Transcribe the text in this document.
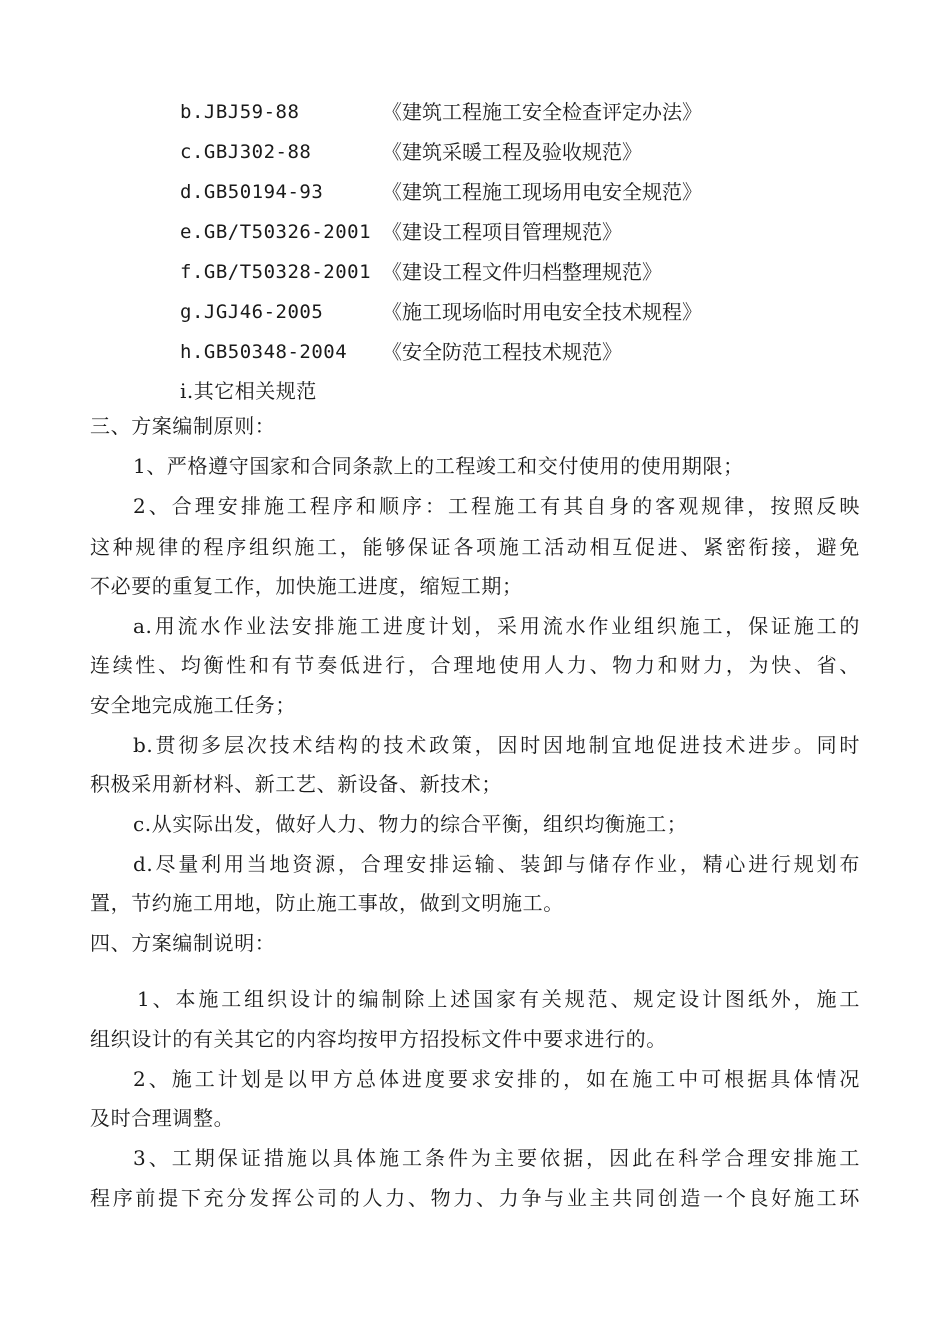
b.JBJ59-88	《建筑工程施工安全检查评定办法》
c.GBJ302-88	《建筑采暖工程及验收规范》
d.GB50194-93	《建筑工程施工现场用电安全规范》
e.GB/T50326-2001 《建设工程项目管理规范》
f.GB/T50328-2001 《建设工程文件归档整理规范》
g.JGJ46-2005	《施工现场临时用电安全技术规程》
h.GB50348-2004 《安全防范工程技术规范》
i.其它相关规范
三、方案编制原则：
1、严格遵守国家和合同条款上的工程竣工和交付使用的使用期限；
2、合理安排施工程序和顺序：工程施工有其自身的客观规律，按照反映
这种规律的程序组织施工，能够保证各项施工活动相互促进、紧密衔接，避免
不必要的重复工作，加快施工进度，缩短工期；
a.用流水作业法安排施工进度计划，采用流水作业组织施工，保证施工的
连续性、均衡性和有节奏低进行，合理地使用人力、物力和财力，为快、省、
安全地完成施工任务；
b.贯彻多层次技术结构的技术政策，因时因地制宜地促进技术进步。同时
积极采用新材料、新工艺、新设备、新技术；
c.从实际出发，做好人力、物力的综合平衡，组织均衡施工；
d.尽量利用当地资源，合理安排运输、装卸与储存作业，精心进行规划布
置，节约施工用地，防止施工事故，做到文明施工。
四、方案编制说明：
1、本施工组织设计的编制除上述国家有关规范、规定设计图纸外，施工
组织设计的有关其它的内容均按甲方招投标文件中要求进行的。
2、施工计划是以甲方总体进度要求安排的，如在施工中可根据具体情况
及时合理调整。
3、工期保证措施以具体施工条件为主要依据，因此在科学合理安排施工
程序前提下充分发挥公司的人力、物力、力争与业主共同创造一个良好施工环
